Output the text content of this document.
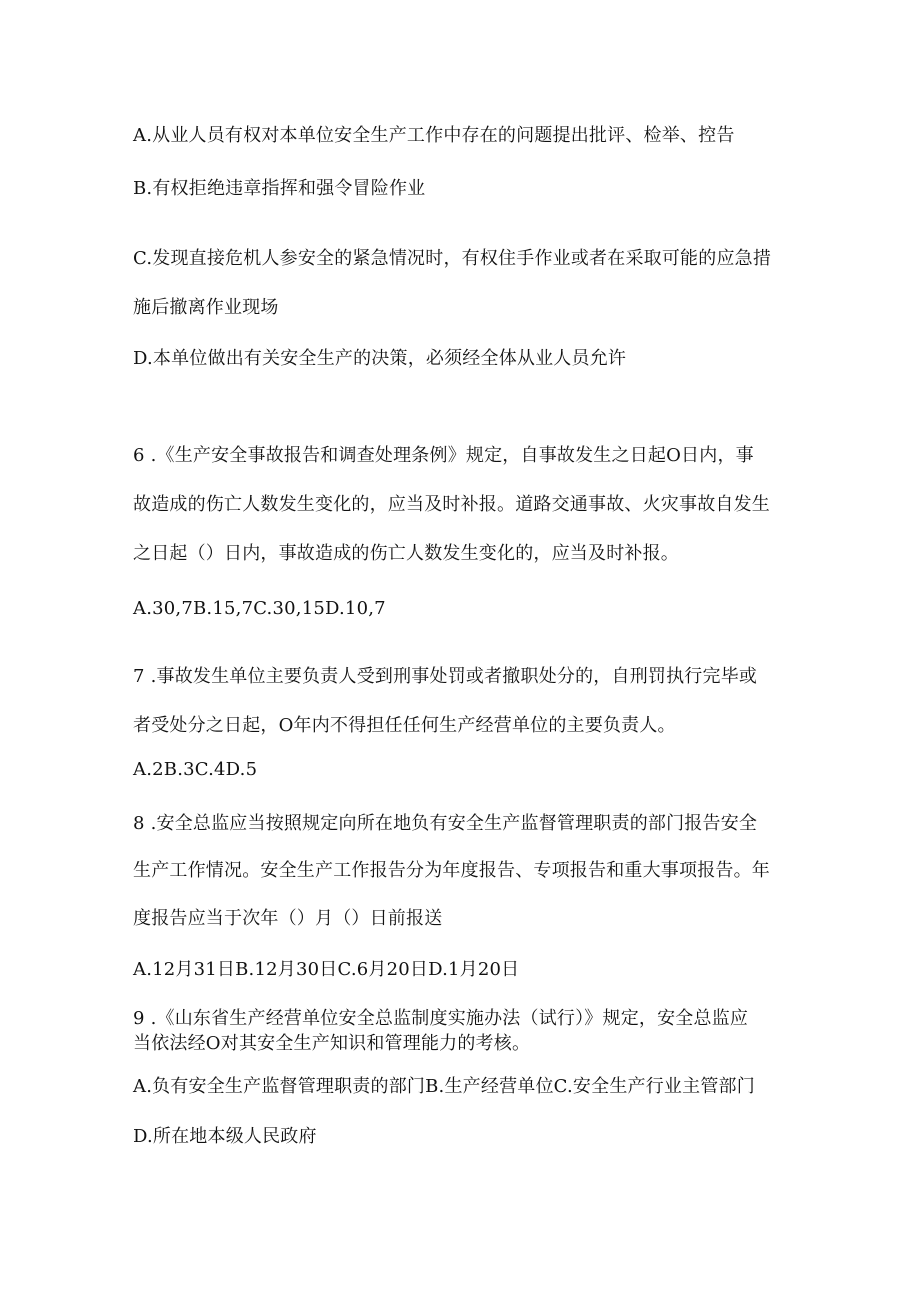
A.从业人员有权对本单位安全生产工作中存在的问题提出批评、检举、控告
B.有权拒绝违章指挥和强令冒险作业
C.发现直接危机人参安全的紧急情况时，有权住手作业或者在采取可能的应急措
施后撤离作业现场
D.本单位做出有关安全生产的决策，必须经全体从业人员允许
6 .《生产安全事故报告和调查处理条例》规定，自事故发生之日起O日内，事
故造成的伤亡人数发生变化的，应当及时补报。道路交通事故、火灾事故自发生
之日起（）日内，事故造成的伤亡人数发生变化的，应当及时补报。
A.30,7B.15,7C.30,15D.10,7
7 .事故发生单位主要负责人受到刑事处罚或者撤职处分的，自刑罚执行完毕或
者受处分之日起，O年内不得担任任何生产经营单位的主要负责人。
A.2B.3C.4D.5
8 .安全总监应当按照规定向所在地负有安全生产监督管理职责的部门报告安全
生产工作情况。安全生产工作报告分为年度报告、专项报告和重大事项报告。年
度报告应当于次年（）月（）日前报送
A.12月31日B.12月30日C.6月20日D.1月20日
9 .《山东省生产经营单位安全总监制度实施办法（试行）》规定，安全总监应
当依法经O对其安全生产知识和管理能力的考核。
A.负有安全生产监督管理职责的部门B.生产经营单位C.安全生产行业主管部门
D.所在地本级人民政府
